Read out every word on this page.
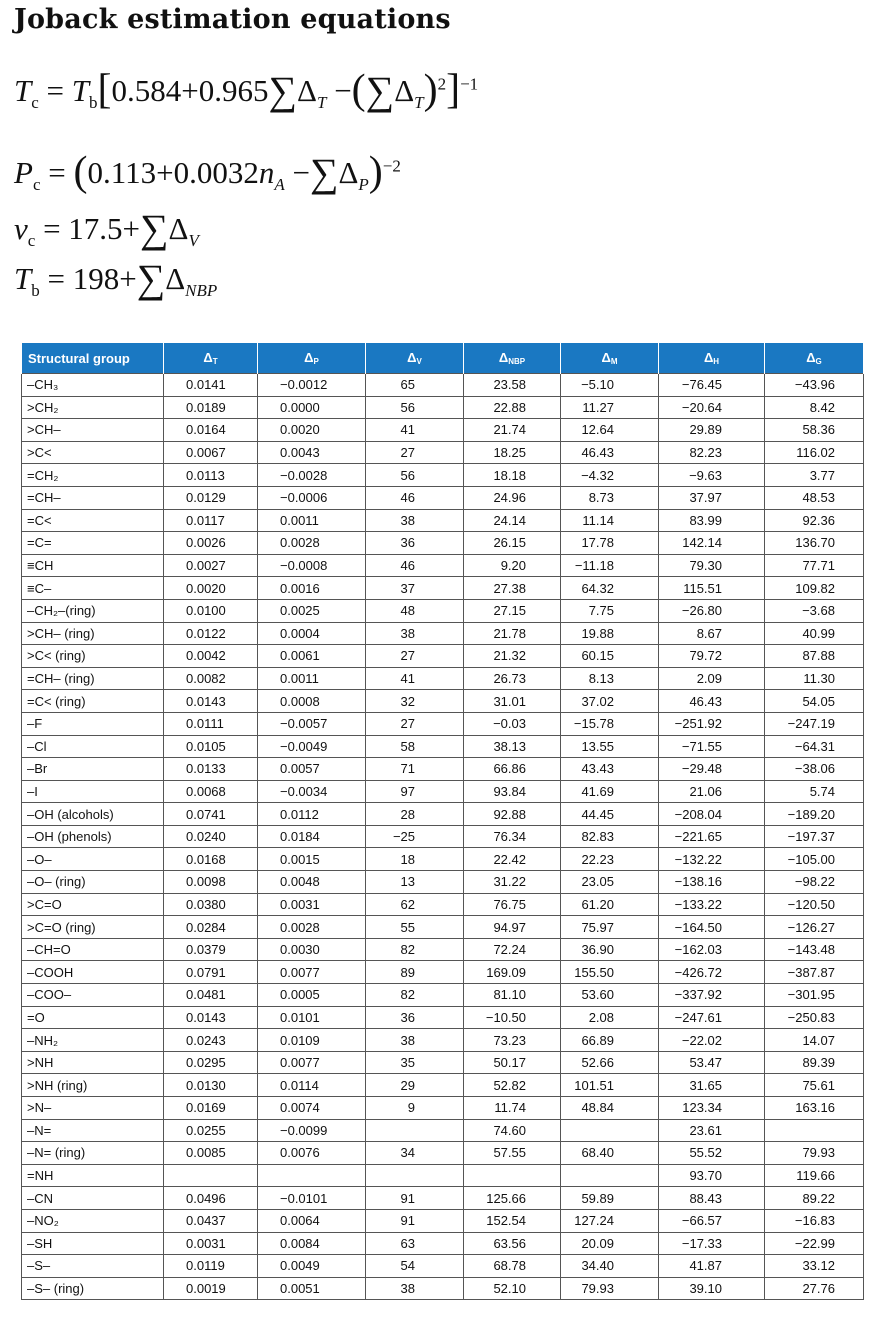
Joback estimation equations
$T_c = T_b[0.584+0.965\sum\Delta_T -(\sum\Delta_T)^2]^{-1}$
$P_c = (0.113+0.0032n_A -\sum\Delta_P)^{-2}$
$v_c = 17.5+\sum\Delta_V$
$T_b = 198+\sum\Delta_{NBP}$
Structural group	ΔT	ΔP	ΔV	ΔNBP	ΔM	ΔH	ΔG
–CH₃	0.0141	−0.0012	65	23.58	−5.10	−76.45	−43.96
>CH₂	0.0189	0.0000	56	22.88	11.27	−20.64	8.42
>CH–	0.0164	0.0020	41	21.74	12.64	29.89	58.36
>C<	0.0067	0.0043	27	18.25	46.43	82.23	116.02
=CH₂	0.0113	−0.0028	56	18.18	−4.32	−9.63	3.77
=CH–	0.0129	−0.0006	46	24.96	8.73	37.97	48.53
=C<	0.0117	0.0011	38	24.14	11.14	83.99	92.36
=C=	0.0026	0.0028	36	26.15	17.78	142.14	136.70
≡CH	0.0027	−0.0008	46	9.20	−11.18	79.30	77.71
≡C–	0.0020	0.0016	37	27.38	64.32	115.51	109.82
–CH₂–(ring)	0.0100	0.0025	48	27.15	7.75	−26.80	−3.68
>CH– (ring)	0.0122	0.0004	38	21.78	19.88	8.67	40.99
>C< (ring)	0.0042	0.0061	27	21.32	60.15	79.72	87.88
=CH– (ring)	0.0082	0.0011	41	26.73	8.13	2.09	11.30
=C< (ring)	0.0143	0.0008	32	31.01	37.02	46.43	54.05
–F	0.0111	−0.0057	27	−0.03	−15.78	−251.92	−247.19
–Cl	0.0105	−0.0049	58	38.13	13.55	−71.55	−64.31
–Br	0.0133	0.0057	71	66.86	43.43	−29.48	−38.06
–I	0.0068	−0.0034	97	93.84	41.69	21.06	5.74
–OH (alcohols)	0.0741	0.0112	28	92.88	44.45	−208.04	−189.20
–OH (phenols)	0.0240	0.0184	−25	76.34	82.83	−221.65	−197.37
–O–	0.0168	0.0015	18	22.42	22.23	−132.22	−105.00
–O– (ring)	0.0098	0.0048	13	31.22	23.05	−138.16	−98.22
>C=O	0.0380	0.0031	62	76.75	61.20	−133.22	−120.50
>C=O (ring)	0.0284	0.0028	55	94.97	75.97	−164.50	−126.27
–CH=O	0.0379	0.0030	82	72.24	36.90	−162.03	−143.48
–COOH	0.0791	0.0077	89	169.09	155.50	−426.72	−387.87
–COO–	0.0481	0.0005	82	81.10	53.60	−337.92	−301.95
=O	0.0143	0.0101	36	−10.50	2.08	−247.61	−250.83
–NH₂	0.0243	0.0109	38	73.23	66.89	−22.02	14.07
>NH	0.0295	0.0077	35	50.17	52.66	53.47	89.39
>NH (ring)	0.0130	0.0114	29	52.82	101.51	31.65	75.61
>N–	0.0169	0.0074	9	11.74	48.84	123.34	163.16
–N=	0.0255	−0.0099		74.60		23.61	
–N= (ring)	0.0085	0.0076	34	57.55	68.40	55.52	79.93
=NH						93.70	119.66
–CN	0.0496	−0.0101	91	125.66	59.89	88.43	89.22
–NO₂	0.0437	0.0064	91	152.54	127.24	−66.57	−16.83
–SH	0.0031	0.0084	63	63.56	20.09	−17.33	−22.99
–S–	0.0119	0.0049	54	68.78	34.40	41.87	33.12
–S– (ring)	0.0019	0.0051	38	52.10	79.93	39.10	27.76
